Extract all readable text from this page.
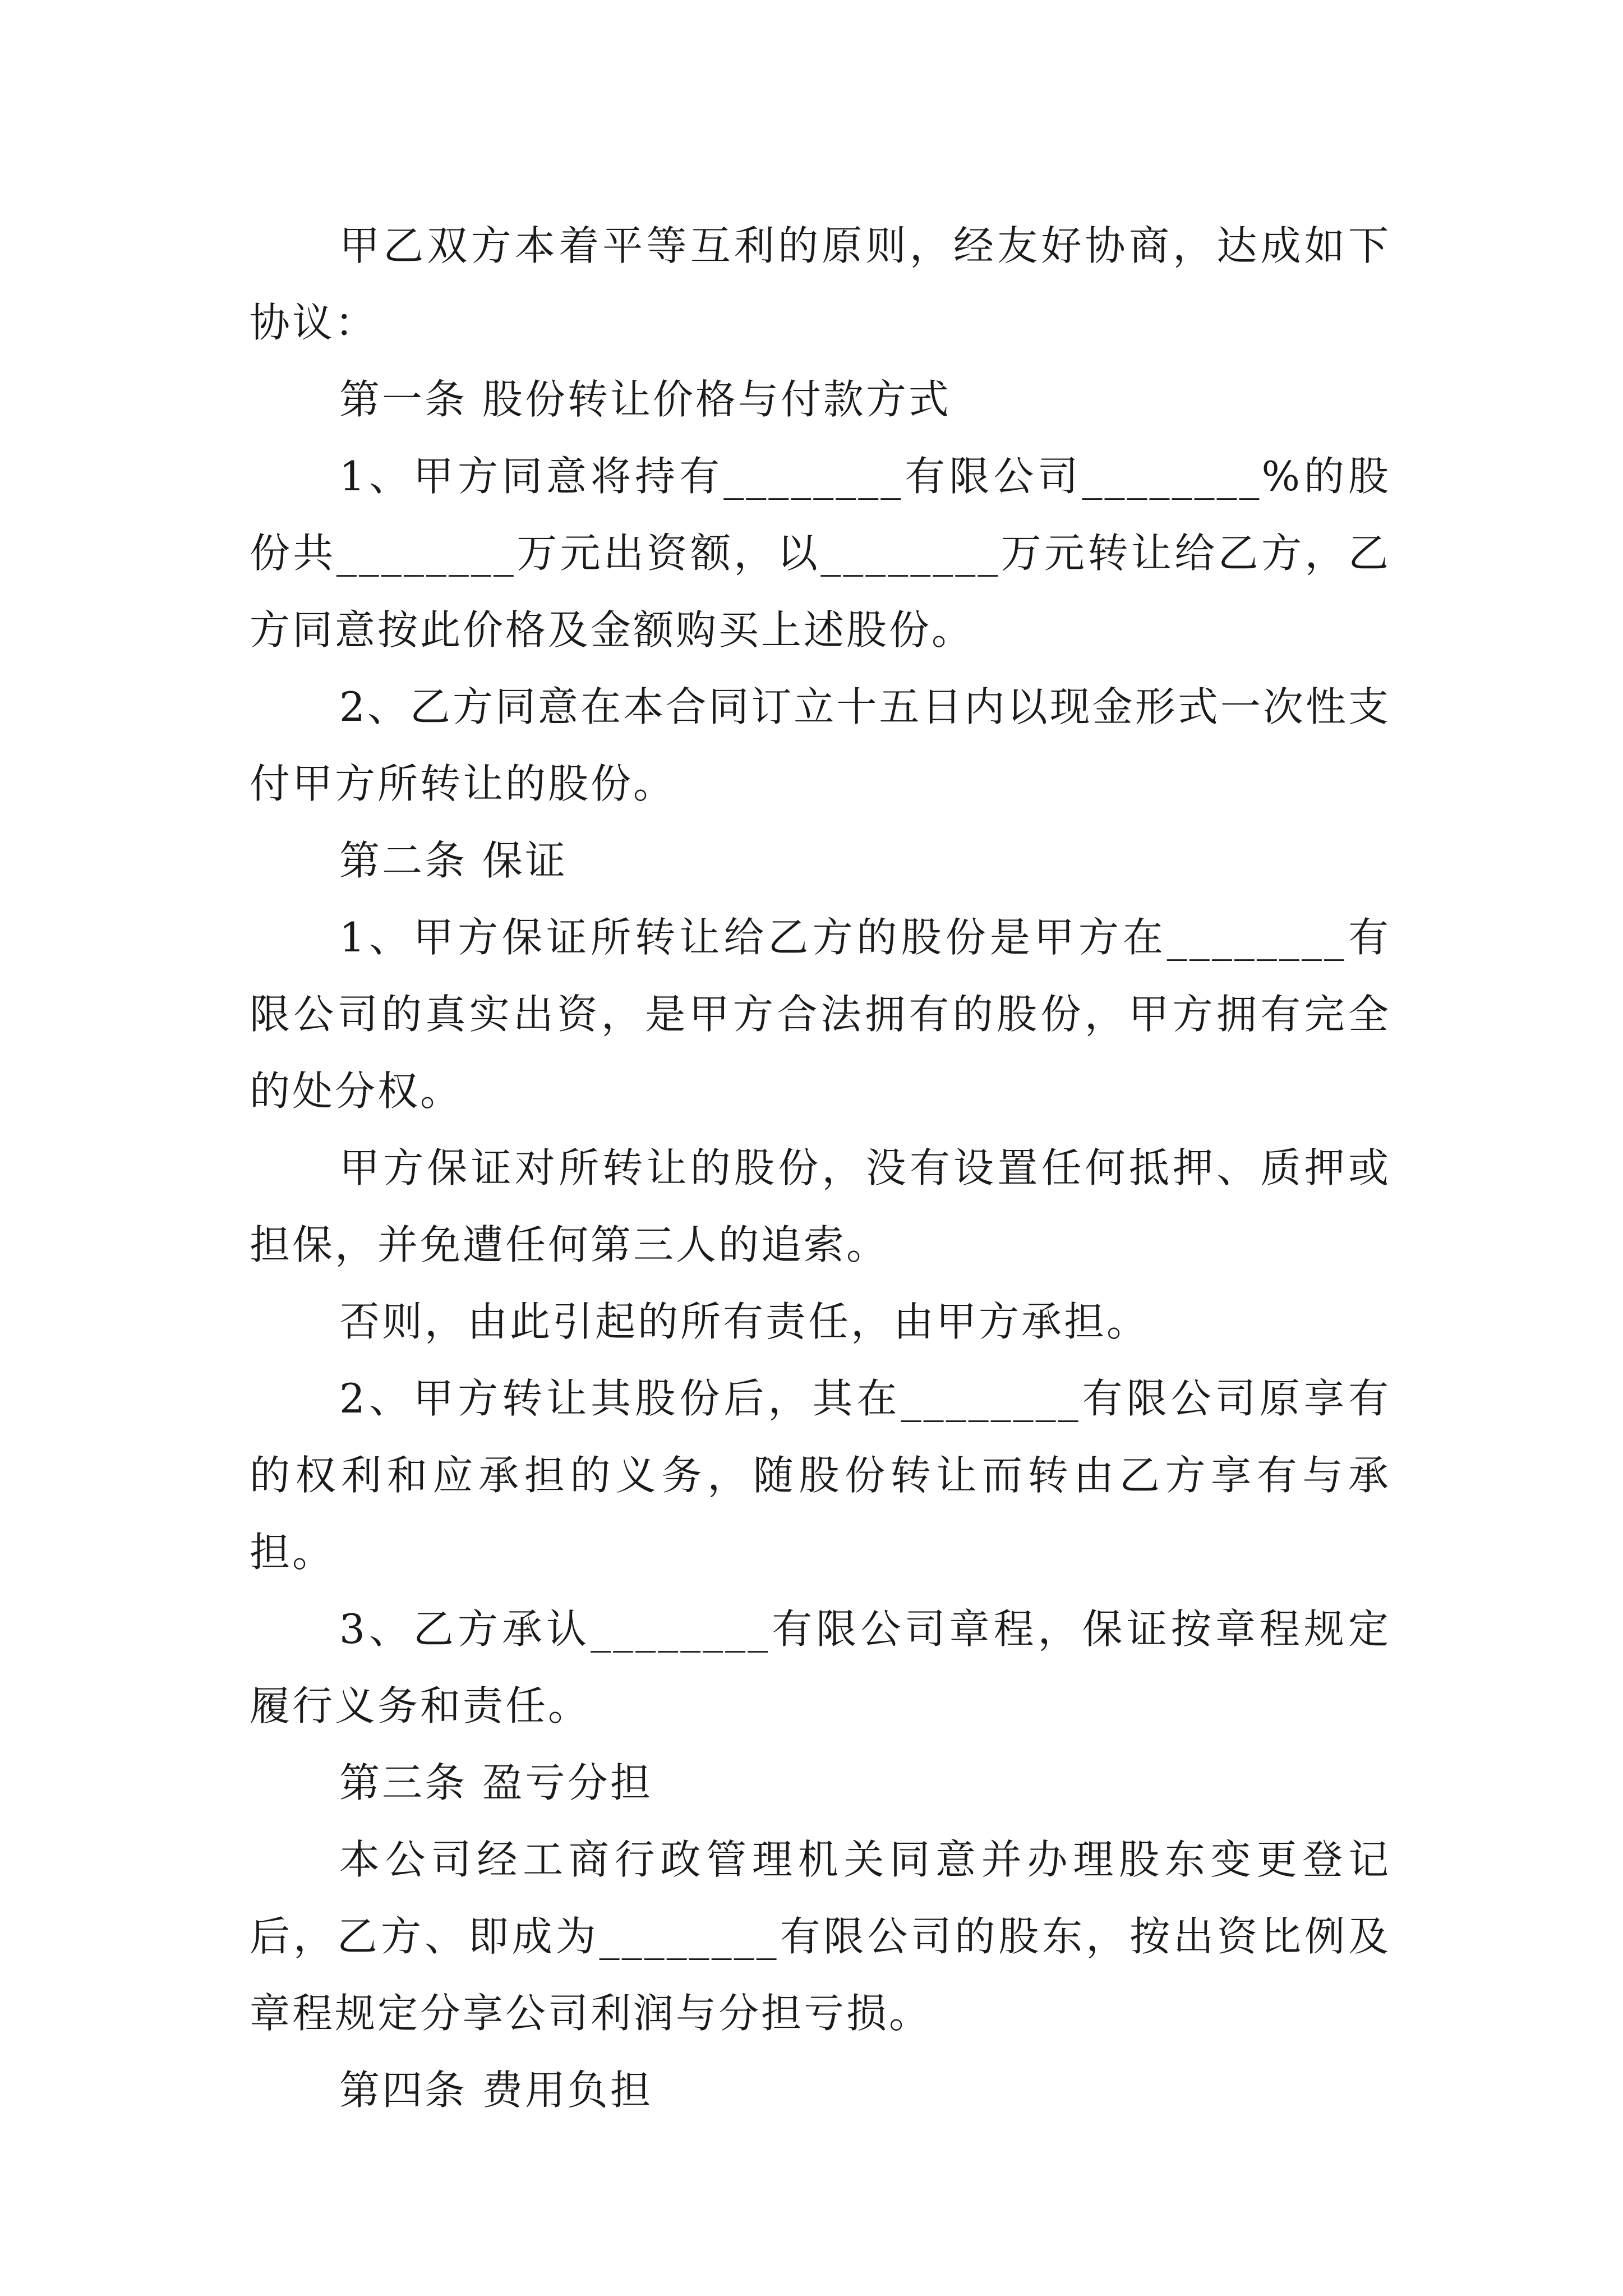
甲乙双方本着平等互利的原则，经友好协商，达成如下协议：

第一条 股份转让价格与付款方式

1、甲方同意将持有________有限公司________%的股份共________万元出资额，以________万元转让给乙方，乙方同意按此价格及金额购买上述股份。

2、乙方同意在本合同订立十五日内以现金形式一次性支付甲方所转让的股份。

第二条 保证

1、甲方保证所转让给乙方的股份是甲方在________有限公司的真实出资，是甲方合法拥有的股份，甲方拥有完全的处分权。

甲方保证对所转让的股份，没有设置任何抵押、质押或担保，并免遭任何第三人的追索。

否则，由此引起的所有责任，由甲方承担。

2、甲方转让其股份后，其在________有限公司原享有的权利和应承担的义务，随股份转让而转由乙方享有与承担。

3、乙方承认________有限公司章程，保证按章程规定履行义务和责任。

第三条 盈亏分担

本公司经工商行政管理机关同意并办理股东变更登记后，乙方、即成为________有限公司的股东，按出资比例及章程规定分享公司利润与分担亏损。

第四条 费用负担
